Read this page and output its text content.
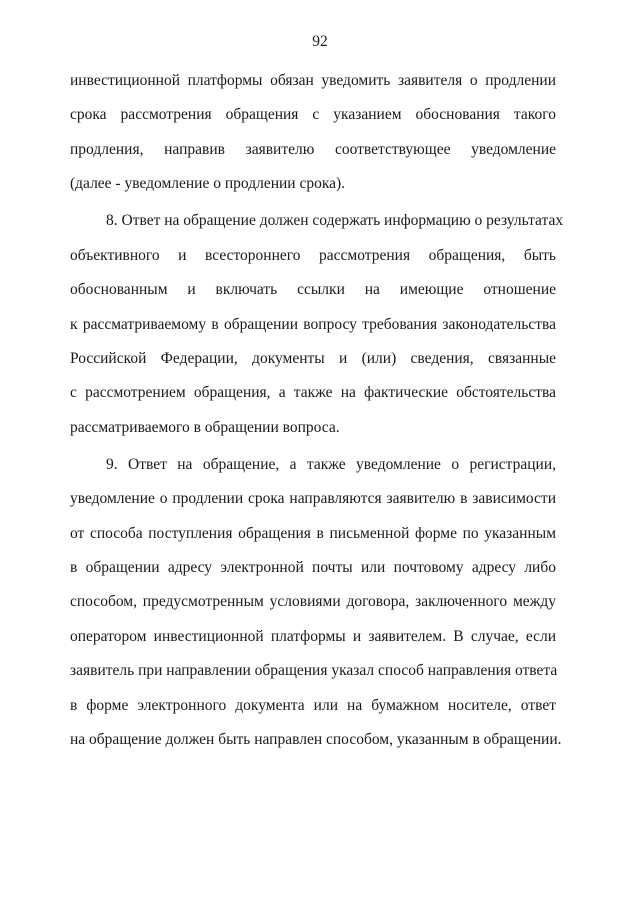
92
инвестиционной платформы обязан уведомить заявителя о продлении
срока рассмотрения обращения с указанием обоснования такого
продления, направив заявителю соответствующее уведомление
(далее - уведомление о продлении срока).
8. Ответ на обращение должен содержать информацию о результатах
объективного и всестороннего рассмотрения обращения, быть
обоснованным и включать ссылки на имеющие отношение
к рассматриваемому в обращении вопросу требования законодательства
Российской Федерации, документы и (или) сведения, связанные
с рассмотрением обращения, а также на фактические обстоятельства
рассматриваемого в обращении вопроса.
9. Ответ на обращение, а также уведомление о регистрации,
уведомление о продлении срока направляются заявителю в зависимости
от способа поступления обращения в письменной форме по указанным
в обращении адресу электронной почты или почтовому адресу либо
способом, предусмотренным условиями договора, заключенного между
оператором инвестиционной платформы и заявителем. В случае, если
заявитель при направлении обращения указал способ направления ответа
в форме электронного документа или на бумажном носителе, ответ
на обращение должен быть направлен способом, указанным в обращении.
